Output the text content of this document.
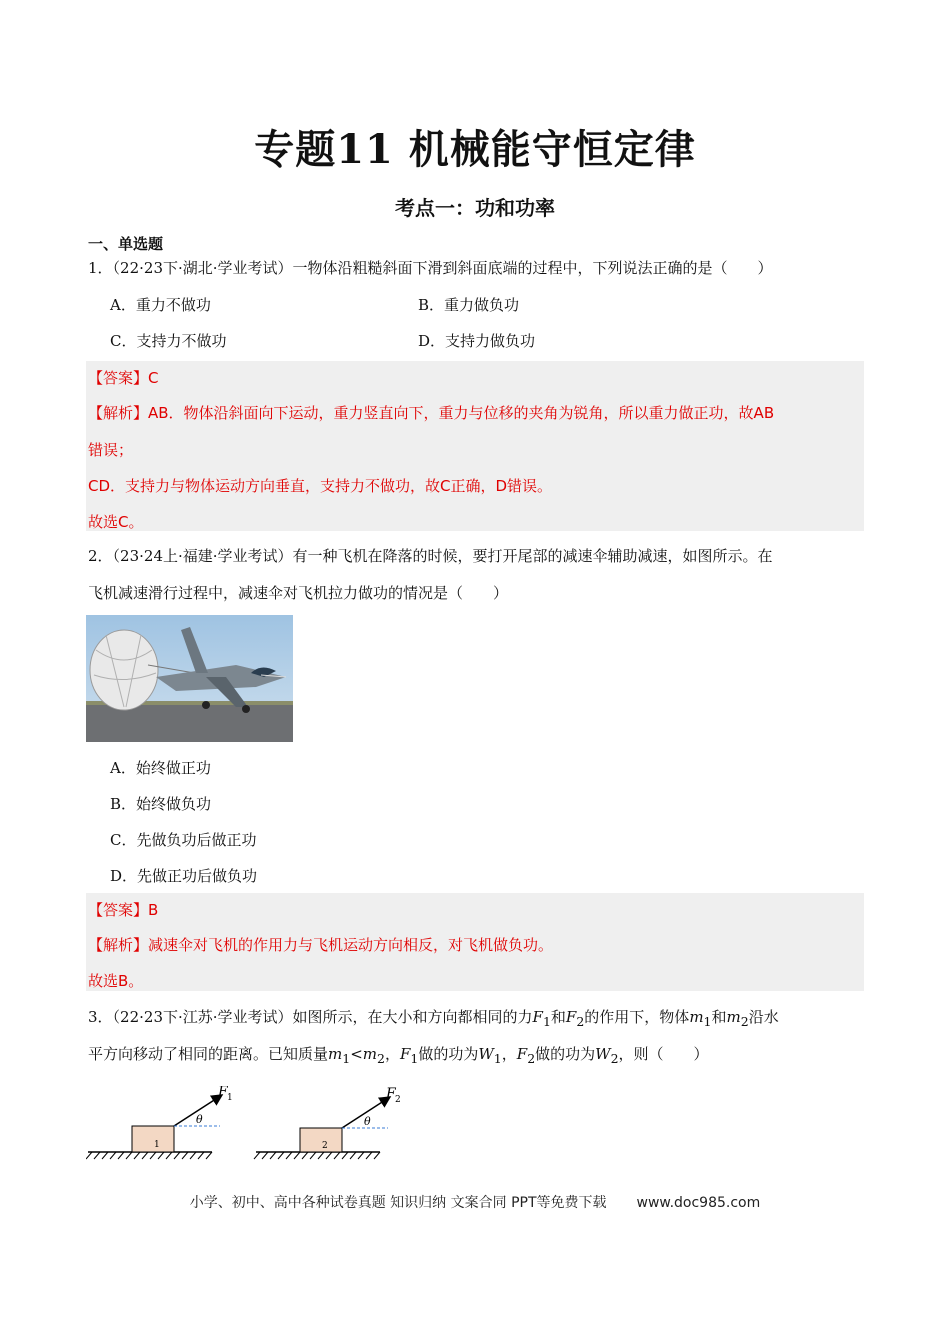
专题11 机械能守恒定律
考点一：功和功率
一、单选题
1．（22·23下·湖北·学业考试）一物体沿粗糙斜面下滑到斜面底端的过程中，下列说法正确的是（　　）
A．重力不做功	B．重力做负功
C．支持力不做功	D．支持力做负功
【答案】C
【解析】AB．物体沿斜面向下运动，重力竖直向下，重力与位移的夹角为锐角，所以重力做正功，故AB
错误；
CD．支持力与物体运动方向垂直，支持力不做功，故C正确，D错误。
故选C。
2．（23·24上·福建·学业考试）有一种飞机在降落的时候，要打开尾部的减速伞辅助减速，如图所示。在
飞机减速滑行过程中，减速伞对飞机拉力做功的情况是（　　）
A．始终做正功
B．始终做负功
C．先做负功后做正功
D．先做正功后做负功
【答案】B
【解析】减速伞对飞机的作用力与飞机运动方向相反，对飞机做负功。
故选B。
3．（22·23下·江苏·学业考试）如图所示，在大小和方向都相同的力$F_1$和$F_2$的作用下，物体$m_1$和$m_2$沿水
平方向移动了相同的距离。已知质量$m_1<m_2$，$F_1$做的功为$W_1$，$F_2$做的功为$W_2$，则（　　）
1
θ
F 1
2
θ
F 2
小学、初中、高中各种试卷真题 知识归纳 文案合同 PPT等免费下载 www.doc985.com
